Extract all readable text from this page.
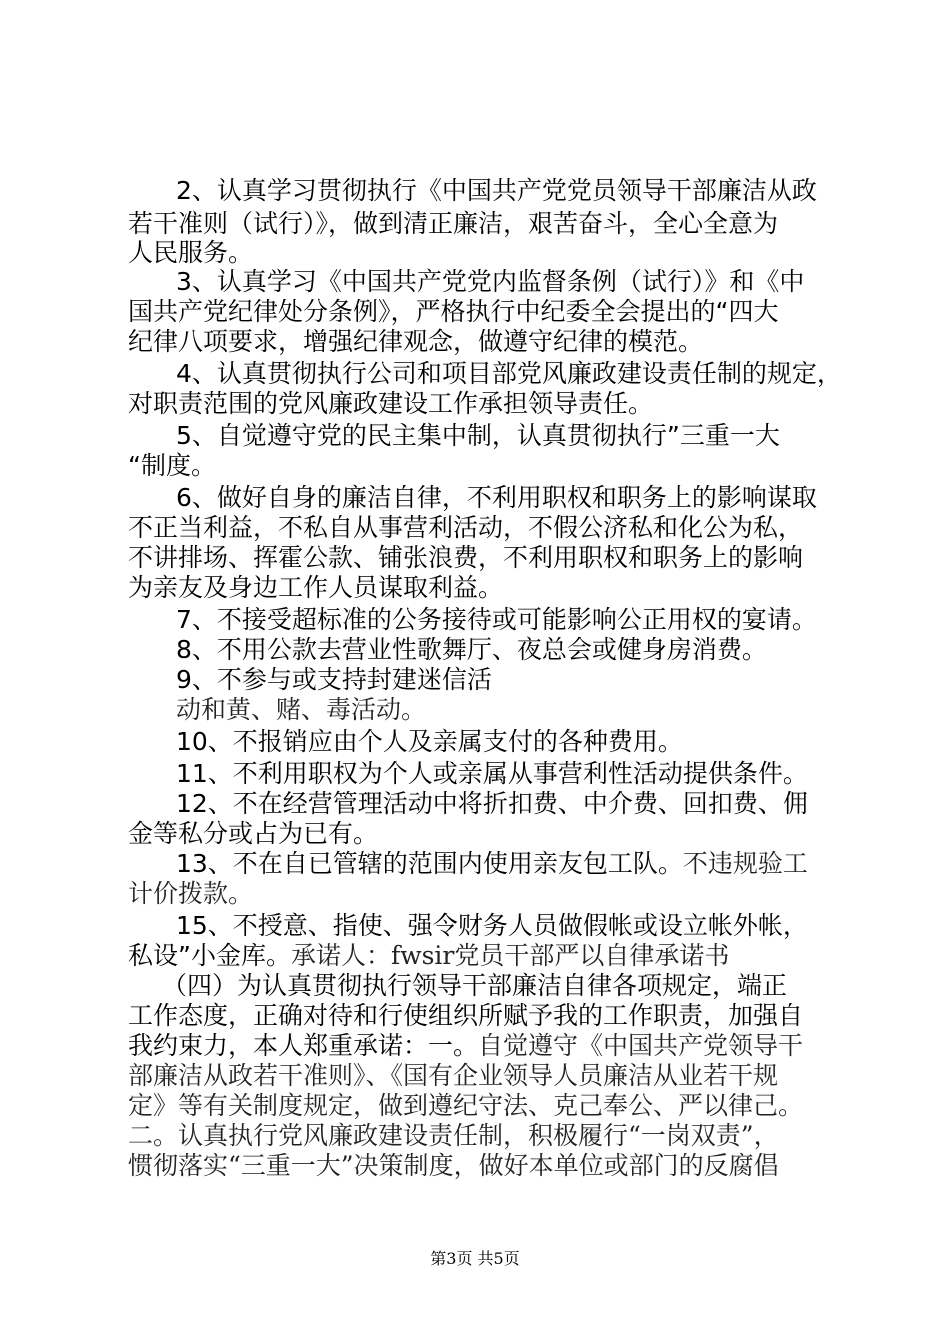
2、认真学习贯彻执行《中国共产党党员领导干部廉洁从政
若干准则（试行）》，做到清正廉洁，艰苦奋斗，全心全意为
人民服务。
3、认真学习《中国共产党党内监督条例（试行）》和《中
国共产党纪律处分条例》，严格执行中纪委全会提出的“四大
纪律八项要求，增强纪律观念，做遵守纪律的模范。
4、认真贯彻执行公司和项目部党风廉政建设责任制的规定，
对职责范围的党风廉政建设工作承担领导责任。
5、自觉遵守党的民主集中制，认真贯彻执行”三重一大
“制度。
6、做好自身的廉洁自律，不利用职权和职务上的影响谋取
不正当利益，不私自从事营利活动，不假公济私和化公为私，
不讲排场、挥霍公款、铺张浪费，不利用职权和职务上的影响
为亲友及身边工作人员谋取利益。
7、不接受超标准的公务接待或可能影响公正用权的宴请。
8、不用公款去营业性歌舞厅、夜总会或健身房消费。
9、不参与或支持封建迷信活
动和黄、赌、毒活动。
10、不报销应由个人及亲属支付的各种费用。
11、不利用职权为个人或亲属从事营利性活动提供条件。
12、不在经营管理活动中将折扣费、中介费、回扣费、佣
金等私分或占为已有。
13、不在自已管辖的范围内使用亲友包工队。不违规验工
计价拨款。
15、不授意、指使、强令财务人员做假帐或设立帐外帐，
私设”小金库。承诺人：fwsir党员干部严以自律承诺书
（四）为认真贯彻执行领导干部廉洁自律各项规定，端正
工作态度，正确对待和行使组织所赋予我的工作职责，加强自
我约束力，本人郑重承诺：一。自觉遵守《中国共产党领导干
部廉洁从政若干准则》、《国有企业领导人员廉洁从业若干规
定》等有关制度规定，做到遵纪守法、克己奉公、严以律己。
二。认真执行党风廉政建设责任制，积极履行“一岗双责”，
惯彻落实“三重一大”决策制度，做好本单位或部门的反腐倡
第3页 共5页
